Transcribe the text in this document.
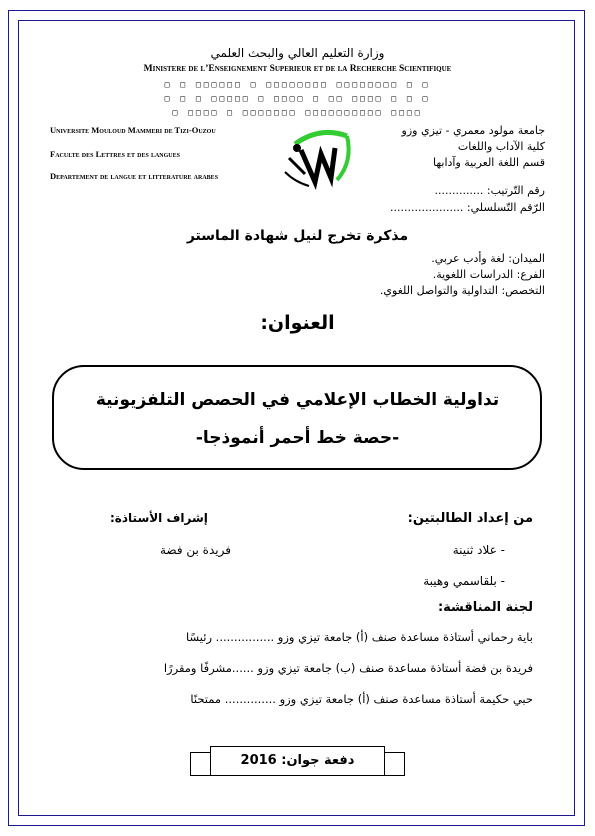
وزارة التعليم العالي والبحث العلمي
Ministere de l’Enseignement Superieur et de la Recherche Scientifique
□ □ □□□□□□ □ □□□□□□□□ □□□□□□□□ □ □
□ □ □ □□□□□ □ □□□□ □ □□ □□□□ □ □ □
□ □□□□ □ □□□□□□□ □□□□□□□□□□ □□□□
Universite Mouloud Mammeri de Tizi-Ouzou
Faculte des Lettres et des langues
Departement de langue et litterature arabes
جامعة مولود معمري - تيزي وزو
كلية الآداب واللغات
قسم اللغة العربية وآدابها
رقم التّرتيب: ..............
الرّقم التّسلسلي: .....................
مذكرة تخرج لنيل شهادة الماستر
الميدان: لغة وأدب عربي.
الفرع: الدراسات اللغوية.
التخصص: التداولية والتواصل اللغوي.
العنوان:
تداولية الخطاب الإعلامي في الحصص التلفزيونية
-حصة خط أحمر أنموذجا-
من إعداد الطالبتين:
- علاد ثنينة
- بلقاسمي وهيبة
إشراف الأستاذة:
فريدة بن فضة
لجنة المناقشة:
باية رحماني أستاذة مساعدة صنف (أ) جامعة تيزي وزو ................ رئيسًا
فريدة بن فضة أستاذة مساعدة صنف (ب) جامعة تيزي وزو ......مشرفًا ومقررًا
حبي حكيمة أستاذة مساعدة صنف (أ) جامعة تيزي وزو .............. ممتحنًا
دفعة جوان: 2016
